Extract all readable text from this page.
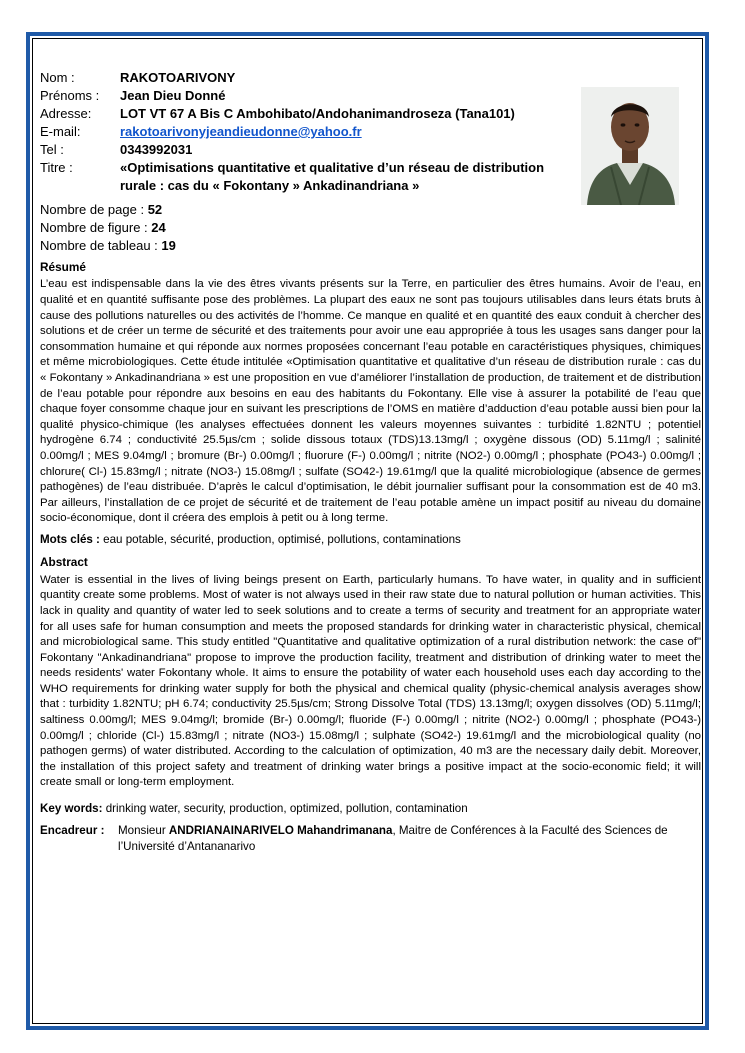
Nom :	RAKOTOARIVONY
Prénoms :	Jean Dieu Donné
Adresse:	LOT VT 67 A Bis C Ambohibato/Andohanimandroseza (Tana101)
E-mail:	rakotoarivonyjeandieudonne@yahoo.fr
Tel :	0343992031
Titre :	«Optimisations quantitative et qualitative d’un réseau de distribution rurale : cas du « Fokontany » Ankadinandriana »
Nombre de page : 52
Nombre de figure : 24
Nombre de tableau : 19
Résumé
L’eau est indispensable dans la vie des êtres vivants présents sur la Terre, en particulier des êtres humains. Avoir de l’eau, en qualité et en quantité suffisante pose des problèmes. La plupart des eaux ne sont pas toujours utilisables dans leurs états bruts à cause des pollutions naturelles ou des activités de l’homme. Ce manque en qualité et en quantité des eaux conduit à chercher des solutions et de créer un terme de sécurité et des traitements pour avoir une eau appropriée à tous les usages sans danger pour la consommation humaine et qui réponde aux normes proposées concernant l’eau potable en caractéristiques physiques, chimiques et même microbiologiques. Cette étude intitulée «Optimisation quantitative et qualitative d’un réseau de distribution rurale : cas du « Fokontany » Ankadinandriana » est une proposition en vue d’améliorer l’installation de production, de traitement et de distribution de l’eau potable pour répondre aux besoins en eau des habitants du Fokontany. Elle vise à assurer la potabilité de l’eau que chaque foyer consomme chaque jour en suivant les prescriptions de l’OMS en matière d’adduction d’eau potable aussi bien pour la qualité physico-chimique (les analyses effectuées donnent les valeurs moyennes suivantes : turbidité 1.82NTU ; potentiel hydrogène 6.74 ; conductivité 25.5µs/cm ; solide dissous totaux (TDS)13.13mg/l ; oxygène dissous (OD) 5.11mg/l ; salinité 0.00mg/l ; MES 9.04mg/l ; bromure (Br-) 0.00mg/l ; fluorure (F-) 0.00mg/l ; nitrite (NO2-) 0.00mg/l ; phosphate (PO43-) 0.00mg/l ; chlorure( Cl-) 15.83mg/l ; nitrate (NO3-) 15.08mg/l ; sulfate (SO42-) 19.61mg/l que la qualité microbiologique (absence de germes pathogènes) de l’eau distribuée. D’après le calcul d’optimisation, le débit journalier suffisant pour la consommation est de 40 m3. Par ailleurs, l’installation de ce projet de sécurité et de traitement de l’eau potable amène un impact positif au niveau du domaine socio-économique, dont il créera des emplois à petit ou à long terme.
Mots clés : eau potable, sécurité, production, optimisé, pollutions, contaminations
Abstract
Water is essential in the lives of living beings present on Earth, particularly humans. To have water, in quality and in sufficient quantity create some problems. Most of water is not always used in their raw state due to natural pollution or human activities. This lack in quality and quantity of water led to seek solutions and to create a terms of security and treatment for an appropriate water for all uses safe for human consumption and meets the proposed standards for drinking water in characteristic physical, chemical and microbiological same. This study entitled "Quantitative and qualitative optimization of a rural distribution network: the case of" Fokontany "Ankadinandriana" propose to improve the production facility, treatment and distribution of drinking water to meet the needs residents' water Fokontany whole. It aims to ensure the potability of water each household uses each day according to the WHO requirements for drinking water supply for both the physical and chemical quality (physic-chemical analysis averages show that : turbidity 1.82NTU; pH 6.74; conductivity 25.5µs/cm; Strong Dissolve Total (TDS) 13.13mg/l; oxygen dissolves (OD) 5.11mg/l; saltiness 0.00mg/l; MES 9.04mg/l; bromide (Br-) 0.00mg/l; fluoride (F-) 0.00mg/l ; nitrite (NO2-) 0.00mg/l ; phosphate (PO43-) 0.00mg/l ; chloride (Cl-) 15.83mg/l ; nitrate (NO3-) 15.08mg/l ; sulphate (SO42-) 19.61mg/l and the microbiological quality (no pathogen germs) of water distributed. According to the calculation of optimization, 40 m3 are the necessary daily debit. Moreover, the installation of this project safety and treatment of drinking water brings a positive impact at the socio-economic field; it will create small or long-term employment.
Key words: drinking water, security, production, optimized, pollution, contamination
Encadreur :	Monsieur ANDRIANAINARIVELO Mahandrimanana, Maitre de Conférences à la Faculté des Sciences de l’Université d’Antananarivo
